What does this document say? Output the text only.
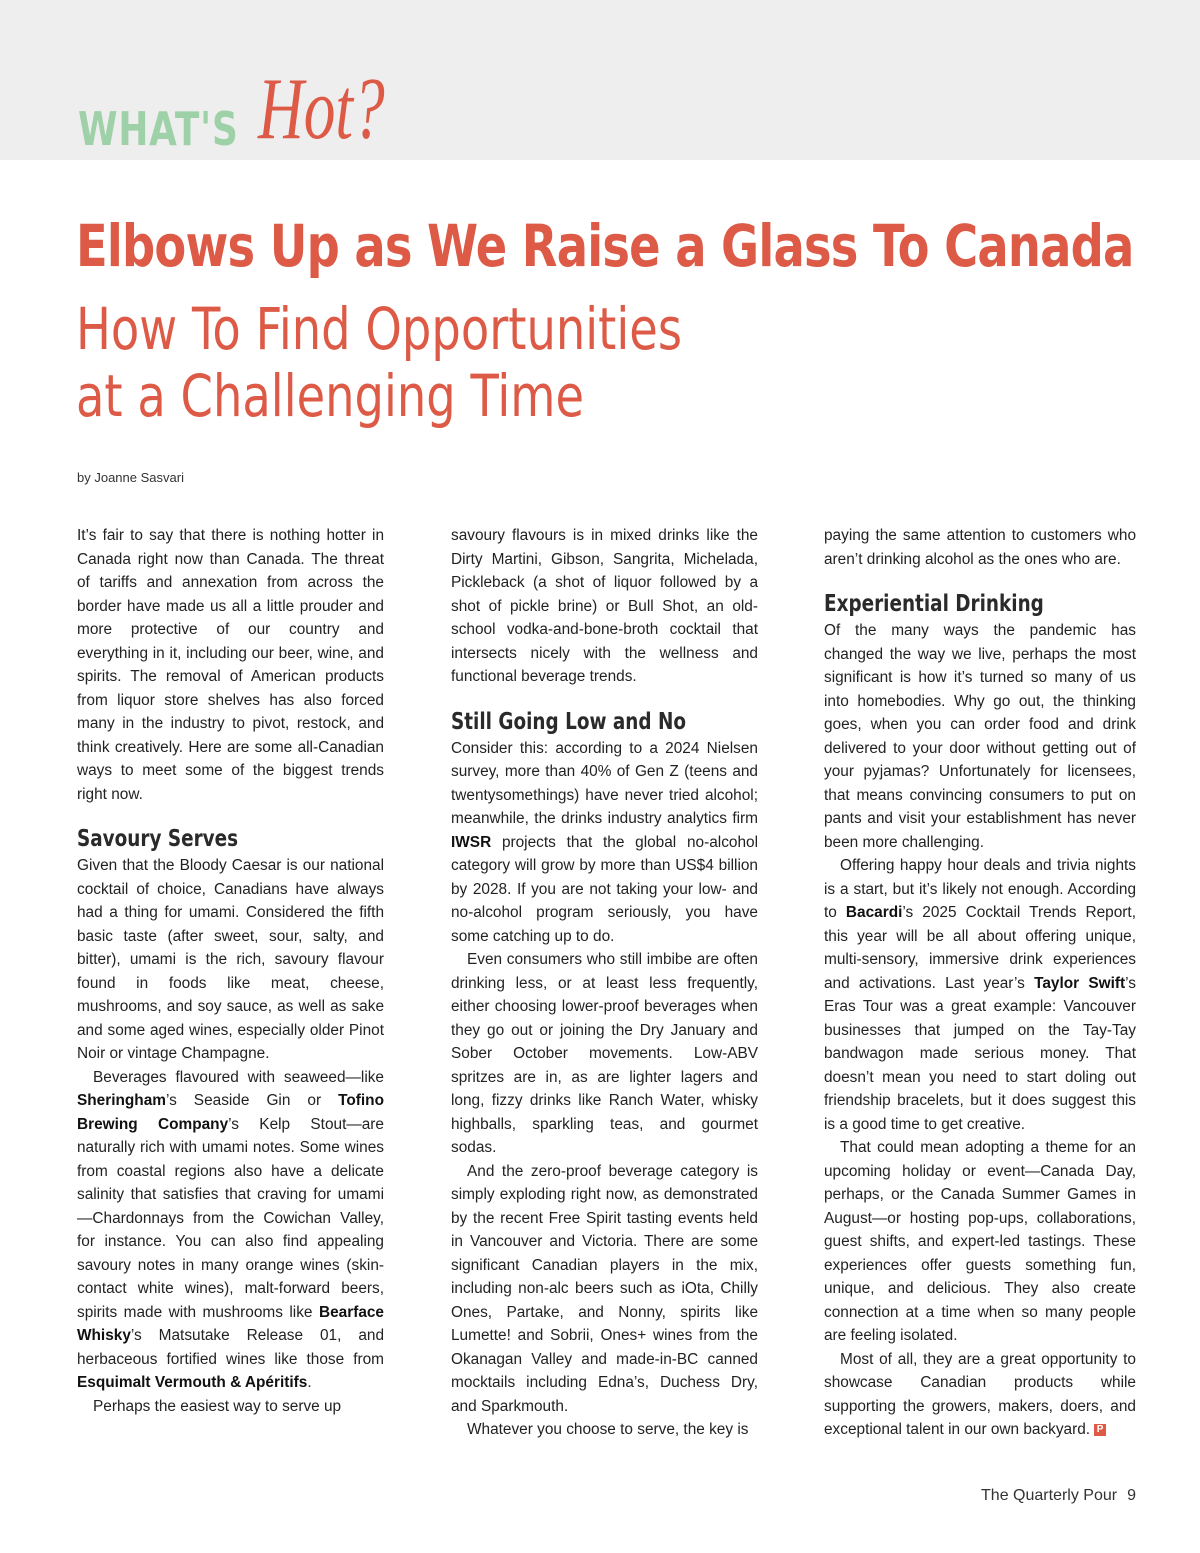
WHAT'S Hot?
Elbows Up as We Raise a Glass To Canada
How To Find Opportunities
at a Challenging Time
by Joanne Sasvari

It’s fair to say that there is nothing hotter in Canada right now than Canada. The threat of tariffs and annexation from across the border have made us all a little prouder and more protective of our country and everything in it, including our beer, wine, and spirits. The removal of American products from liquor store shelves has also forced many in the industry to pivot, restock, and think creatively. Here are some all-Canadian ways to meet some of the biggest trends right now.

Savoury Serves

Given that the Bloody Caesar is our national cocktail of choice, Canadians have always had a thing for umami. Considered the fifth basic taste (after sweet, sour, salty, and bitter), umami is the rich, savoury flavour found in foods like meat, cheese, mushrooms, and soy sauce, as well as sake and some aged wines, especially older Pinot Noir or vintage Champagne.

Beverages flavoured with seaweed—like Sheringham’s Seaside Gin or Tofino Brewing Company’s Kelp Stout—are naturally rich with umami notes. Some wines from coastal regions also have a delicate salinity that satisfies that craving for umami—Chardonnays from the Cowichan Valley, for instance. You can also find appealing savoury notes in many orange wines (skin-contact white wines), malt-forward beers, spirits made with mushrooms like Bearface Whisky’s Matsutake Release 01, and herbaceous fortified wines like those from Esquimalt Vermouth & Apéritifs.

Perhaps the easiest way to serve up

savoury flavours is in mixed drinks like the Dirty Martini, Gibson, Sangrita, Michelada, Pickleback (a shot of liquor followed by a shot of pickle brine) or Bull Shot, an old-school vodka-and-bone-broth cocktail that intersects nicely with the wellness and functional beverage trends.

Still Going Low and No

Consider this: according to a 2024 Nielsen survey, more than 40% of Gen Z (teens and twentysomethings) have never tried alcohol; meanwhile, the drinks industry analytics firm IWSR projects that the global no-alcohol category will grow by more than US$4 billion by 2028. If you are not taking your low- and no-alcohol program seriously, you have some catching up to do.

Even consumers who still imbibe are often drinking less, or at least less frequently, either choosing lower-proof beverages when they go out or joining the Dry January and Sober October movements. Low-ABV spritzes are in, as are lighter lagers and long, fizzy drinks like Ranch Water, whisky highballs, sparkling teas, and gourmet sodas.

And the zero-proof beverage category is simply exploding right now, as demonstrated by the recent Free Spirit tasting events held in Vancouver and Victoria. There are some significant Canadian players in the mix, including non-alc beers such as iOta, Chilly Ones, Partake, and Nonny, spirits like Lumette! and Sobrii, Ones+ wines from the Okanagan Valley and made-in-BC canned mocktails including Edna’s, Duchess Dry, and Sparkmouth.

Whatever you choose to serve, the key is

paying the same attention to customers who aren’t drinking alcohol as the ones who are.

Experiential Drinking

Of the many ways the pandemic has changed the way we live, perhaps the most significant is how it’s turned so many of us into homebodies. Why go out, the thinking goes, when you can order food and drink delivered to your door without getting out of your pyjamas? Unfortunately for licensees, that means convincing consumers to put on pants and visit your establishment has never been more challenging.

Offering happy hour deals and trivia nights is a start, but it’s likely not enough. According to Bacardi’s 2025 Cocktail Trends Report, this year will be all about offering unique, multi-sensory, immersive drink experiences and activations. Last year’s Taylor Swift’s Eras Tour was a great example: Vancouver businesses that jumped on the Tay-Tay bandwagon made serious money. That doesn’t mean you need to start doling out friendship bracelets, but it does suggest this is a good time to get creative.

That could mean adopting a theme for an upcoming holiday or event—Canada Day, perhaps, or the Canada Summer Games in August—or hosting pop-ups, collaborations, guest shifts, and expert-led tastings. These experiences offer guests something fun, unique, and delicious. They also create connection at a time when so many people are feeling isolated.

Most of all, they are a great opportunity to showcase Canadian products while supporting the growers, makers, doers, and exceptional talent in our own backyard. P

The Quarterly Pour 9
